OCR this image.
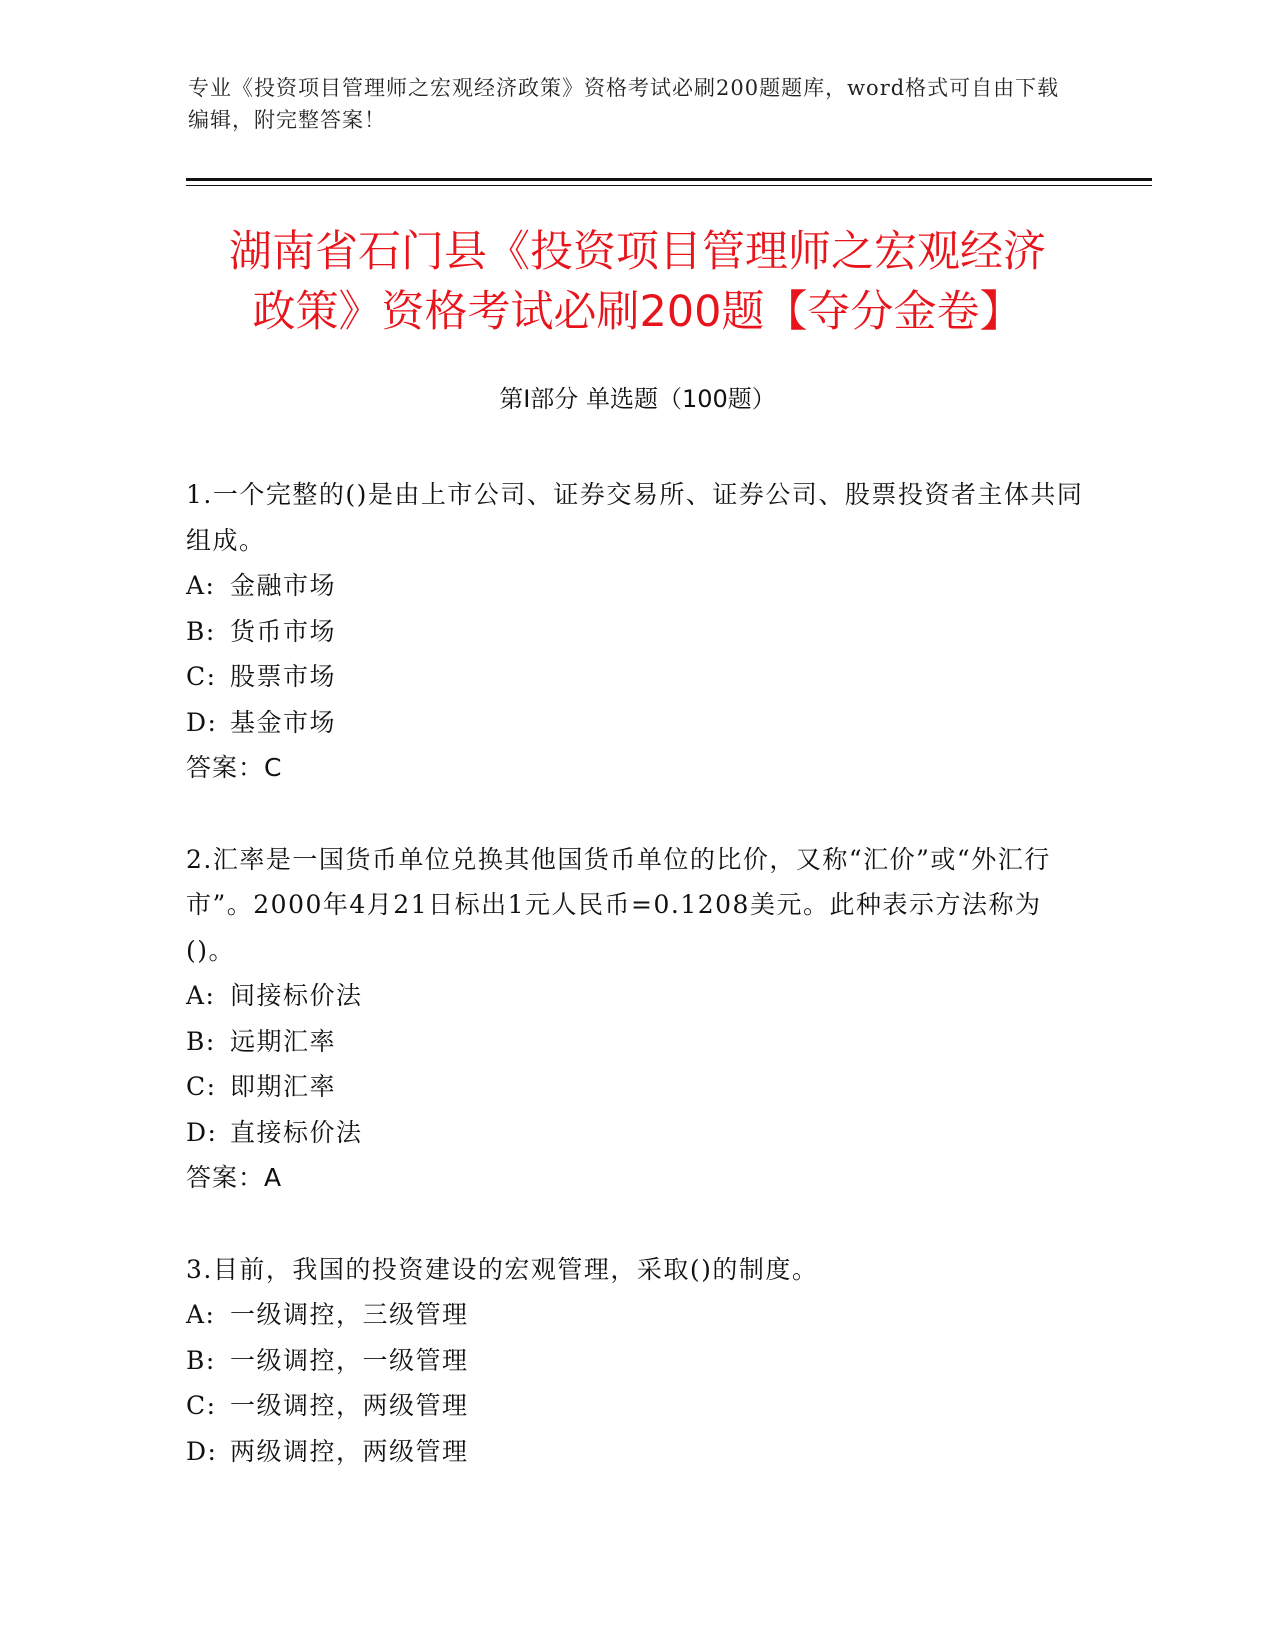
专业《投资项目管理师之宏观经济政策》资格考试必刷200题题库，word格式可自由下载编辑，附完整答案！
湖南省石门县《投资项目管理师之宏观经济
政策》资格考试必刷200题【夺分金卷】
第Ⅰ部分 单选题（100题）

1.一个完整的()是由上市公司、证券交易所、证券公司、股票投资者主体共同组成。

A: 金融市场

B: 货币市场

C: 股票市场

D: 基金市场

答案：C

2.汇率是一国货币单位兑换其他国货币单位的比价，又称“汇价”或“外汇行市”。2000年4月21日标出1元人民币=0.1208美元。此种表示方法称为()。

A: 间接标价法

B: 远期汇率

C: 即期汇率

D: 直接标价法

答案：A

3.目前，我国的投资建设的宏观管理，采取()的制度。

A: 一级调控，三级管理

B: 一级调控，一级管理

C: 一级调控，两级管理

D: 两级调控，两级管理
